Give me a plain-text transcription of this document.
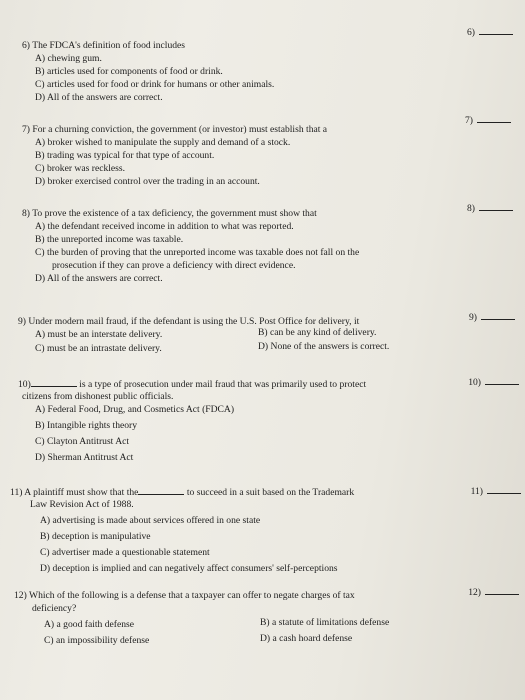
6)
6) The FDCA's definition of food includes
A) chewing gum.
B) articles used for components of food or drink.
C) articles used for food or drink for humans or other animals.
D) All of the answers are correct.
7)
7) For a churning conviction, the government (or investor) must establish that a
A) broker wished to manipulate the supply and demand of a stock.
B) trading was typical for that type of account.
C) broker was reckless.
D) broker exercised control over the trading in an account.
8)
8) To prove the existence of a tax deficiency, the government must show that
A) the defendant received income in addition to what was reported.
B) the unreported income was taxable.
C) the burden of proving that the unreported income was taxable does not fall on the
prosecution if they can prove a deficiency with direct evidence.
D) All of the answers are correct.
9)
9) Under modern mail fraud, if the defendant is using the U.S. Post Office for delivery, it
A) must be an interstate delivery.	B) can be any kind of delivery.
C) must be an intrastate delivery.	D) None of the answers is correct.
10)
10)	is a type of prosecution under mail fraud that was primarily used to protect
citizens from dishonest public officials.
A) Federal Food, Drug, and Cosmetics Act (FDCA)
B) Intangible rights theory
C) Clayton Antitrust Act
D) Sherman Antitrust Act
11)
11) A plaintiff must show that the	to succeed in a suit based on the Trademark
Law Revision Act of 1988.
A) advertising is made about services offered in one state
B) deception is manipulative
C) advertiser made a questionable statement
D) deception is implied and can negatively affect consumers' self-perceptions
12)
12) Which of the following is a defense that a taxpayer can offer to negate charges of tax
deficiency?
A) a good faith defense	B) a statute of limitations defense
C) an impossibility defense	D) a cash hoard defense
